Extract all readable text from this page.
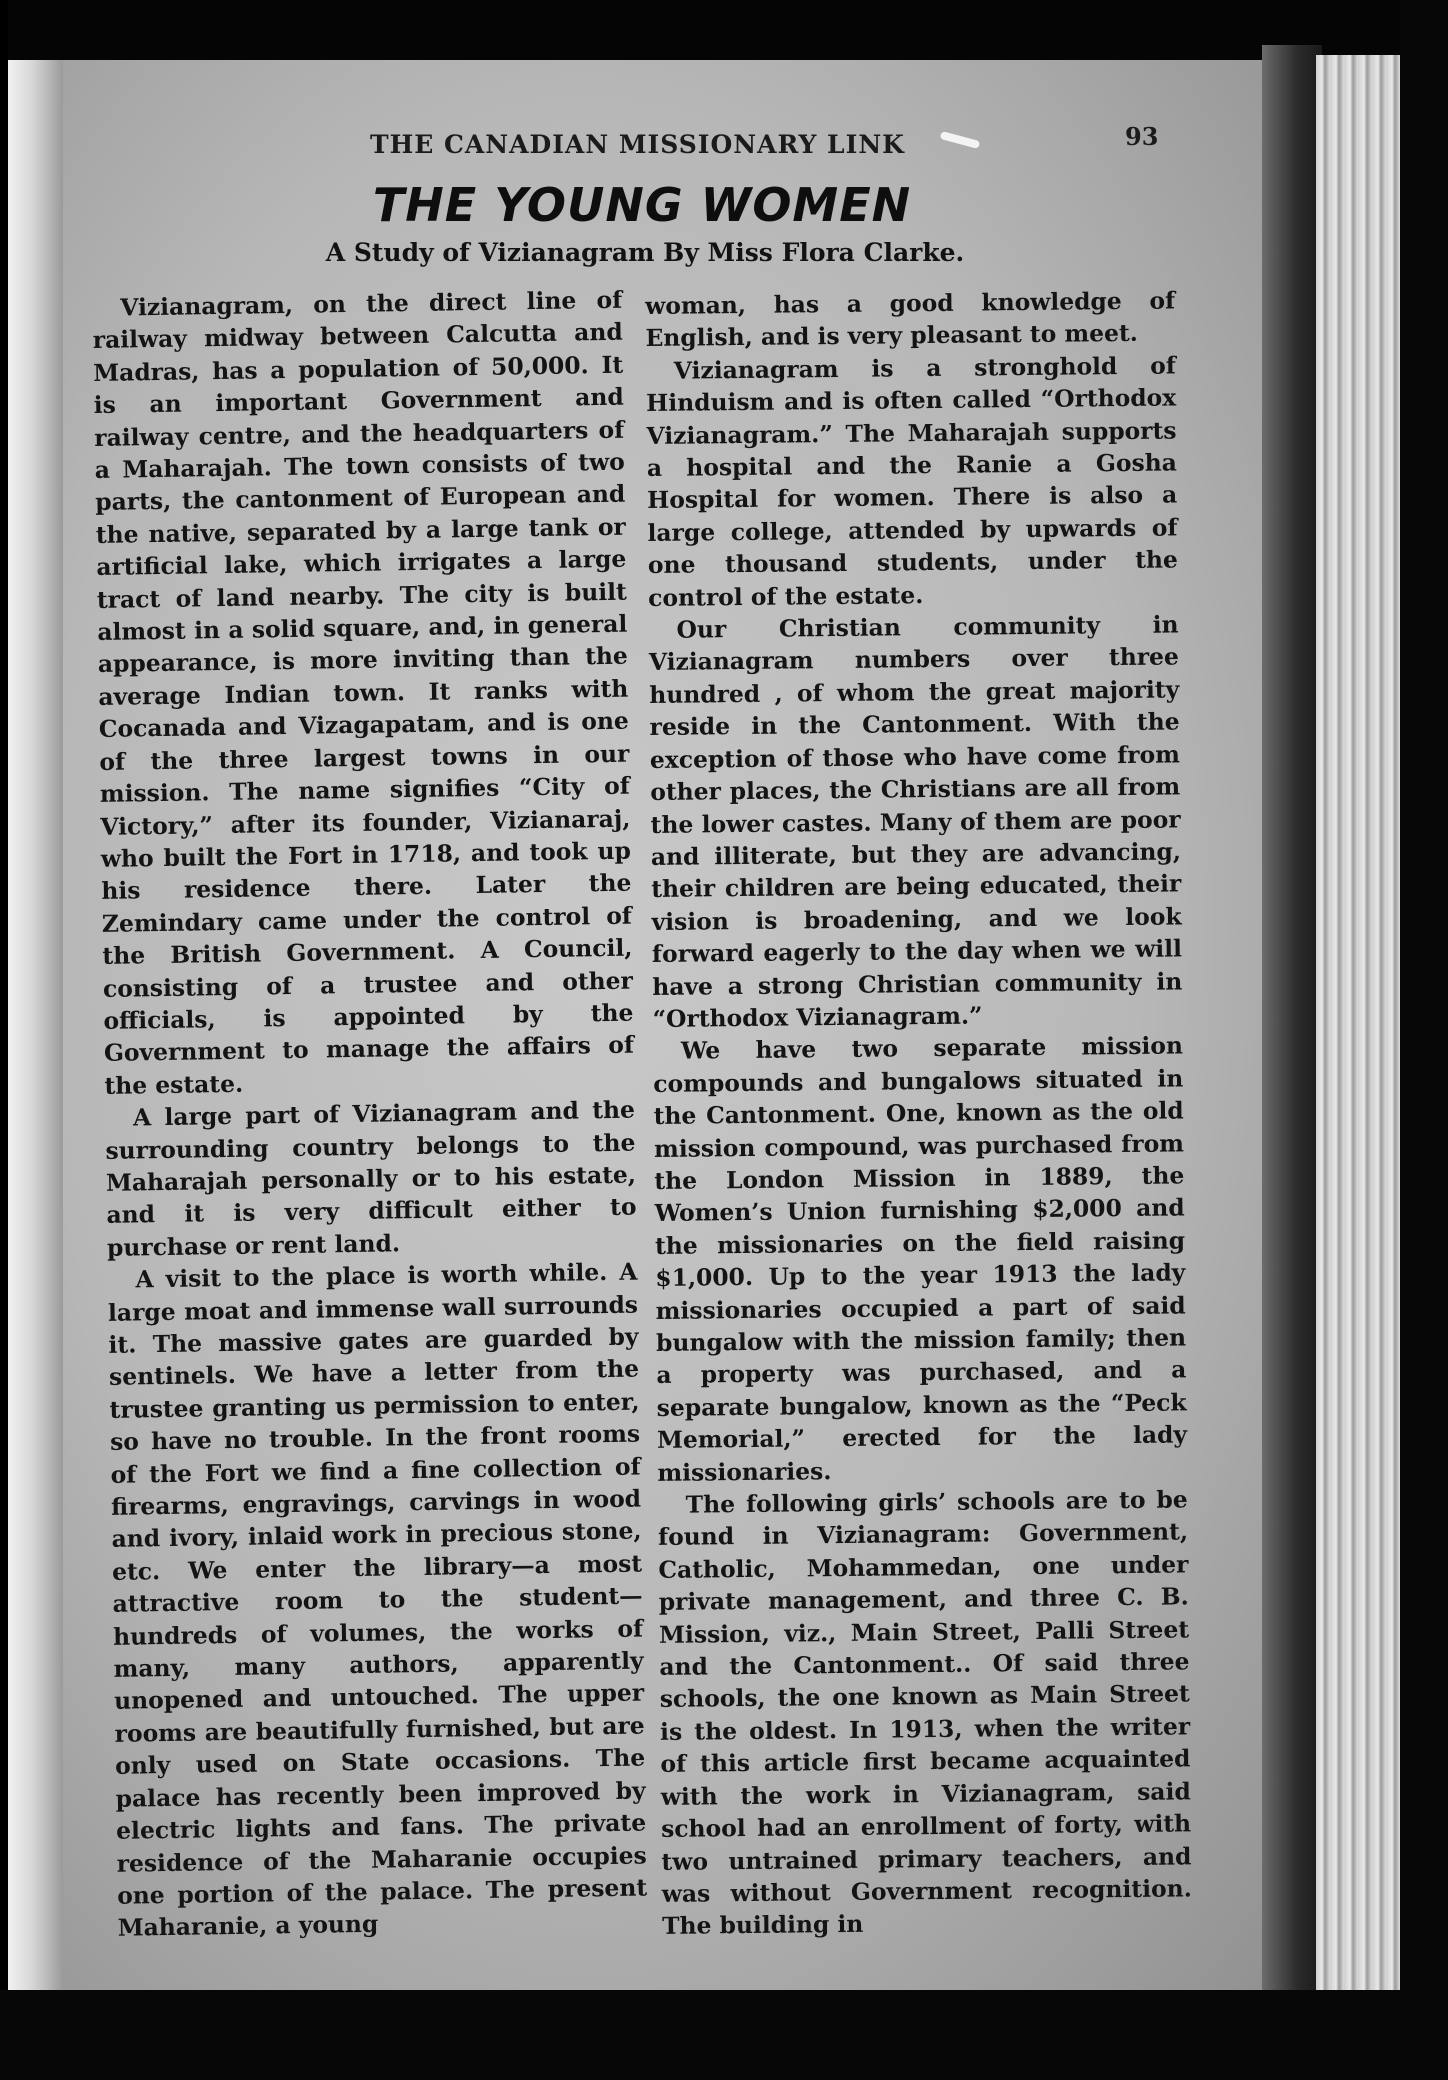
THE CANADIAN MISSIONARY LINK	93
THE YOUNG WOMEN
A Study of Vizianagram By Miss Flora Clarke.

Vizianagram, on the direct line of railway midway between Calcutta and Madras, has a population of 50,000. It is an important Government and railway centre, and the headquarters of a Maharajah. The town consists of two parts, the cantonment of European and the native, separated by a large tank or artificial lake, which irrigates a large tract of land nearby. The city is built almost in a solid square, and, in general appearance, is more inviting than the average Indian town. It ranks with Cocanada and Vizagapatam, and is one of the three largest towns in our mission. The name signifies “City of Victory,” after its founder, Vizianaraj, who built the Fort in 1718, and took up his residence there. Later the Zemindary came under the control of the British Government. A Council, consisting of a trustee and other officials, is appointed by the Government to manage the affairs of the estate.

A large part of Vizianagram and the surrounding country belongs to the Maharajah personally or to his estate, and it is very difficult either to purchase or rent land.

A visit to the place is worth while. A large moat and immense wall surrounds it. The massive gates are guarded by sentinels. We have a letter from the trustee granting us permission to enter, so have no trouble. In the front rooms of the Fort we find a fine collection of firearms, engravings, carvings in wood and ivory, inlaid work in precious stone, etc. We enter the library—a most attractive room to the student—hundreds of volumes, the works of many, many authors, apparently unopened and untouched. The upper rooms are beautifully furnished, but are only used on State occasions. The palace has recently been improved by electric lights and fans. The private residence of the Maharanie occupies one portion of the palace. The present Maharanie, a young

woman, has a good knowledge of English, and is very pleasant to meet.

Vizianagram is a stronghold of Hinduism and is often called “Orthodox Vizianagram.” The Maharajah supports a hospital and the Ranie a Gosha Hospital for women. There is also a large college, attended by upwards of one thousand students, under the control of the estate.

Our Christian community in Vizianagram numbers over three hundred , of whom the great majority reside in the Cantonment. With the exception of those who have come from other places, the Christians are all from the lower castes. Many of them are poor and illiterate, but they are advancing, their children are being educated, their vision is broadening, and we look forward eagerly to the day when we will have a strong Christian community in “Orthodox Vizianagram.”

We have two separate mission compounds and bungalows situated in the Cantonment. One, known as the old mission compound, was purchased from the London Mission in 1889, the Women’s Union furnishing $2,000 and the missionaries on the field raising $1,000. Up to the year 1913 the lady missionaries occupied a part of said bungalow with the mission family; then a property was purchased, and a separate bungalow, known as the “Peck Memorial,” erected for the lady missionaries.

The following girls’ schools are to be found in Vizianagram: Government, Catholic, Mohammedan, one under private management, and three C. B. Mission, viz., Main Street, Palli Street and the Cantonment.. Of said three schools, the one known as Main Street is the oldest. In 1913, when the writer of this article first became acquainted with the work in Vizianagram, said school had an enrollment of forty, with two untrained primary teachers, and was without Government recognition. The building in
